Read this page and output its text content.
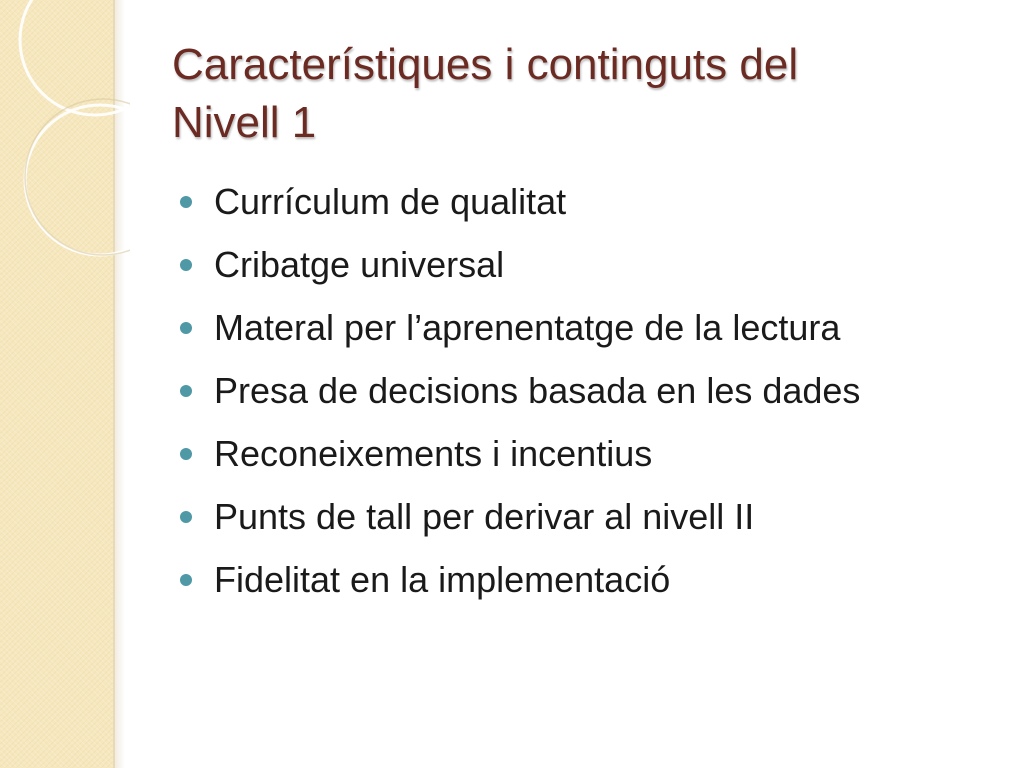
Característiques i continguts del
Nivell 1
Currículum de qualitat
Cribatge universal
Materal per l’aprenentatge de la lectura
Presa de decisions basada en les dades
Reconeixements i incentius
Punts de tall per derivar al nivell II
Fidelitat en la implementació
